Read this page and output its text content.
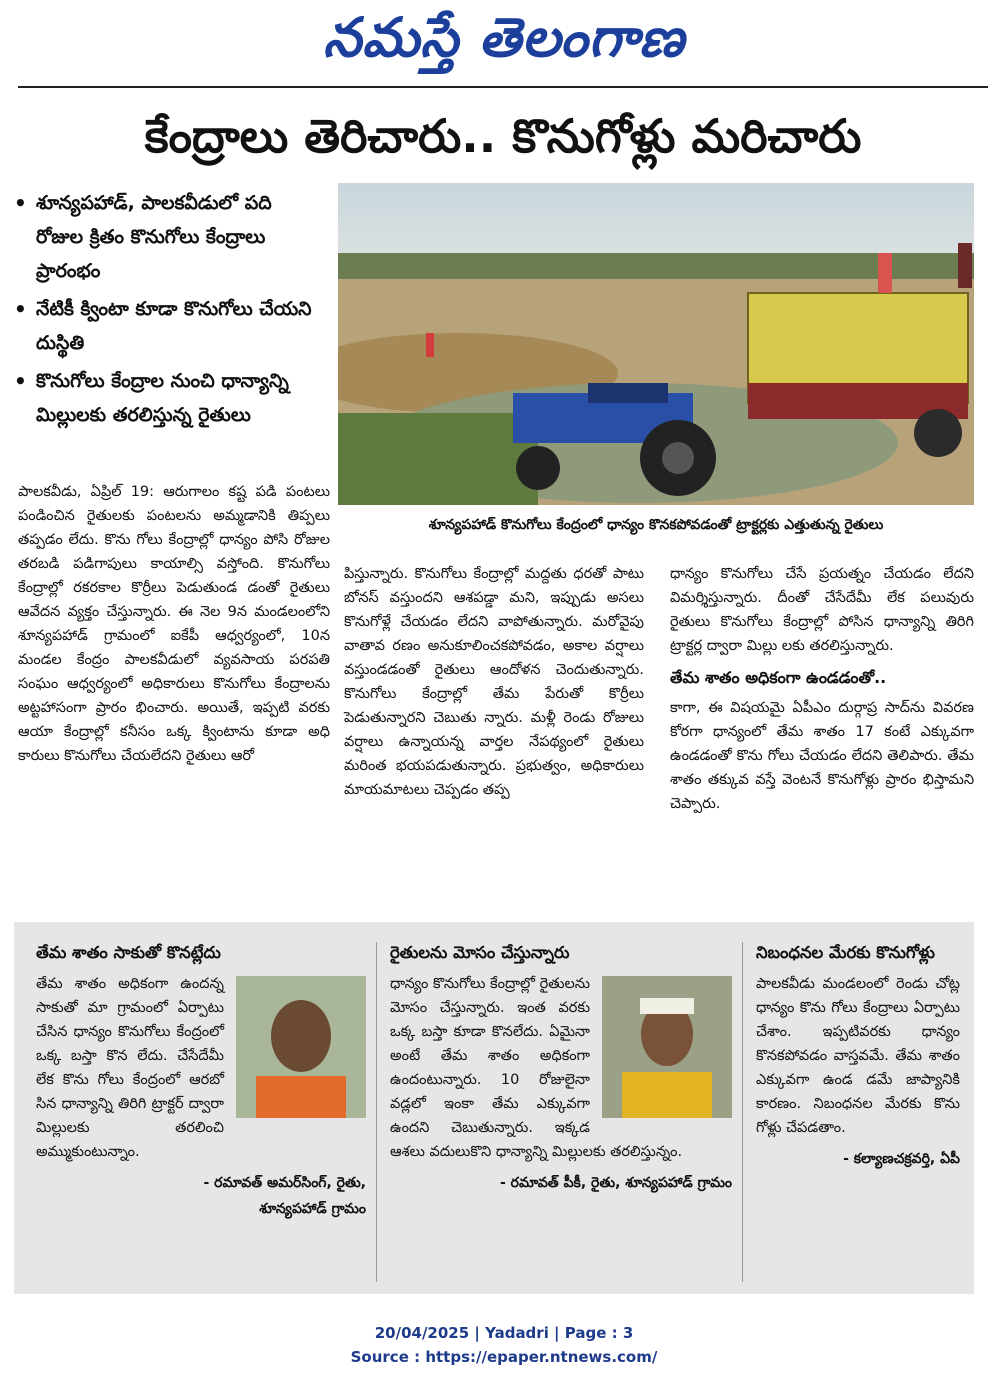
నమస్తే తెలంగాణ
కేంద్రాలు తెరిచారు.. కొనుగోళ్లు మరిచారు
• శూన్యపహాడ్, పాలకవీడులో పది రోజుల క్రితం కొనుగోలు కేంద్రాలు ప్రారంభం
• నేటికీ క్వింటా కూడా కొనుగోలు చేయని దుస్థితి
• కొనుగోలు కేంద్రాల నుంచి ధాన్యాన్ని మిల్లులకు తరలిస్తున్న రైతులు
శూన్యపహాడ్ కొనుగోలు కేంద్రంలో ధాన్యం కొనకపోవడంతో ట్రాక్టర్లకు ఎత్తుతున్న రైతులు
పాలకవీడు, ఏప్రిల్ 19: ఆరుగాలం కష్ట పడి పంటలు పండించిన రైతులకు పంటలను అమ్మడానికి తిప్పలు తప్పడం లేదు. కొను గోలు కేంద్రాల్లో ధాన్యం పోసి రోజుల తరబడి పడిగాపులు కాయాల్సి వస్తోంది. కొనుగోలు కేంద్రాల్లో రకరకాల కొర్రీలు పెడుతుండ డంతో రైతులు ఆవేదన వ్యక్తం చేస్తున్నారు. ఈ నెల 9న మండలంలోని శూన్యపహాడ్ గ్రామంలో ఐకేపీ ఆధ్వర్యంలో, 10న మండల కేంద్రం పాలకవీడులో వ్యవసాయ పరపతి సంఘం ఆధ్వర్యంలో అధికారులు కొనుగోలు కేంద్రాలను అట్టహాసంగా ప్రారం భించారు. అయితే, ఇప్పటి వరకు ఆయా కేంద్రాల్లో కనీసం ఒక్క క్వింటాను కూడా అధి కారులు కొనుగోలు చేయలేదని రైతులు ఆరో
పిస్తున్నారు. కొనుగోలు కేంద్రాల్లో మద్దతు ధరతో పాటు బోనస్ వస్తుందని ఆశపడ్డా మని, ఇప్పుడు అసలు కొనుగోళ్లే చేయడం లేదని వాపోతున్నారు. మరోవైపు వాతావ రణం అనుకూలించకపోవడం, అకాల వర్షాలు వస్తుండడంతో రైతులు ఆందోళన చెందుతున్నారు. కొనుగోలు కేంద్రాల్లో తేమ పేరుతో కొర్రీలు పెడుతున్నారని చెబుతు న్నారు. మళ్లీ రెండు రోజులు వర్షాలు ఉన్నాయన్న వార్తల నేపథ్యంలో రైతులు మరింత భయపడుతున్నారు. ప్రభుత్వం, అధికారులు మాయమాటలు చెప్పడం తప్ప
ధాన్యం కొనుగోలు చేసే ప్రయత్నం చేయడం లేదని విమర్శిస్తున్నారు. దీంతో చేసేదేమీ లేక పలువురు రైతులు కొనుగోలు కేంద్రాల్లో పోసిన ధాన్యాన్ని తిరిగి ట్రాక్టర్ల ద్వారా మిల్లు లకు తరలిస్తున్నారు.
తేమ శాతం అధికంగా ఉండడంతో..
కాగా, ఈ విషయమై ఏపీఎం దుర్గాప్ర సాద్‌ను వివరణ కోరగా ధాన్యంలో తేమ శాతం 17 కంటే ఎక్కువగా ఉండడంతో కొను గోలు చేయడం లేదని తెలిపారు. తేమ శాతం తక్కువ వస్తే వెంటనే కొనుగోళ్లు ప్రారం భిస్తామని చెప్పారు.
తేమ శాతం సాకుతో కొనట్లేదు
తేమ శాతం అధికంగా ఉందన్న సాకుతో మా గ్రామంలో ఏర్పాటు చేసిన ధాన్యం కొనుగోలు కేంద్రంలో ఒక్క బస్తా కొన లేదు. చేసేదేమీ లేక కొను గోలు కేంద్రంలో ఆరబో సిన ధాన్యాన్ని తిరిగి ట్రాక్టర్ ద్వారా మిల్లులకు తరలించి అమ్ముకుంటున్నాం.
- రమావత్ అమర్‌సింగ్, రైతు,
శూన్యపహాడ్ గ్రామం
రైతులను మోసం చేస్తున్నారు
ధాన్యం కొనుగోలు కేంద్రాల్లో రైతులను మోసం చేస్తున్నారు. ఇంత వరకు ఒక్క బస్తా కూడా కొనలేదు. ఏమైనా అంటే తేమ శాతం అధికంగా ఉందంటున్నారు. 10 రోజులైనా వడ్లలో ఇంకా తేమ ఎక్కువగా ఉందని చెబుతున్నారు. ఇక్కడ ఆశలు వదులుకొని ధాన్యాన్ని మిల్లులకు తరలిస్తున్నం.
- రమావత్ పీకీ, రైతు, శూన్యపహాడ్ గ్రామం
నిబంధనల మేరకు కొనుగోళ్లు
పాలకవీడు మండలంలో రెండు చోట్ల ధాన్యం కొను గోలు కేంద్రాలు ఏర్పాటు చేశాం. ఇప్పటివరకు ధాన్యం కొనకపోవడం వాస్తవమే. తేమ శాతం ఎక్కువగా ఉండ డమే జాప్యానికి కారణం. నిబంధనల మేరకు కొను గోళ్లు చేపడతాం.
- కల్యాణచక్రవర్తి, ఏపీ
20/04/2025 | Yadadri | Page : 3
Source : https://epaper.ntnews.com/
